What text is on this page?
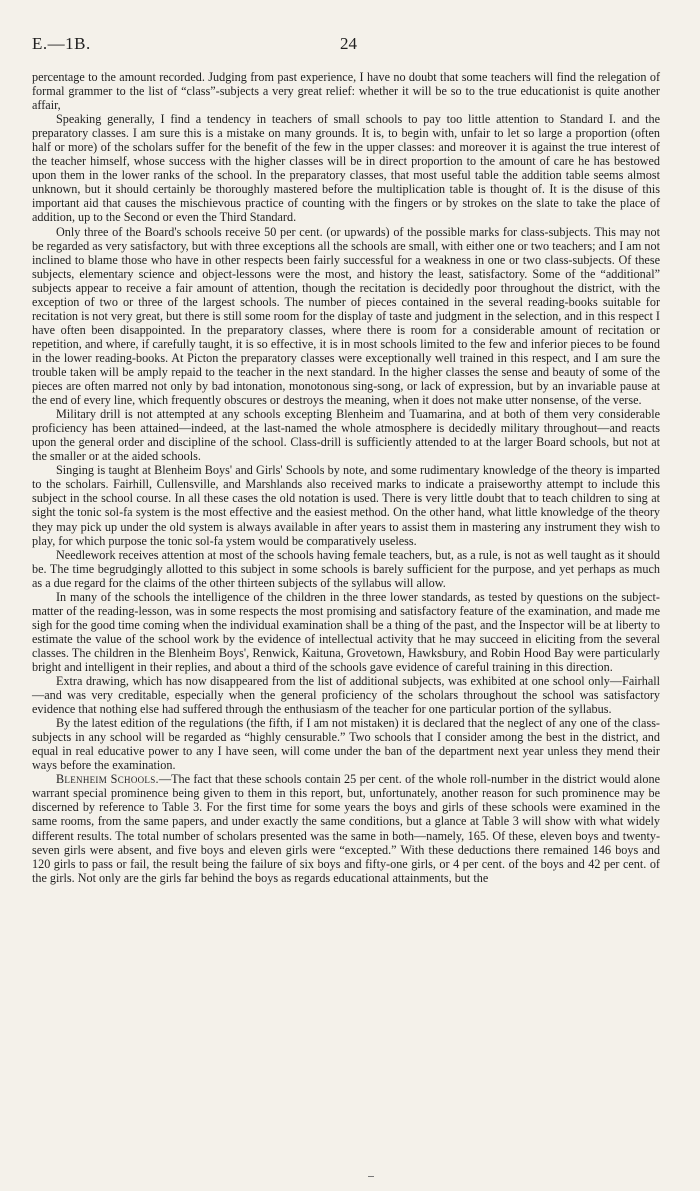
E.—1B.	24

percentage to the amount recorded. Judging from past experience, I have no doubt that some teachers will find the relegation of formal grammer to the list of “class”-subjects a very great relief: whether it will be so to the true educationist is quite another affair,

Speaking generally, I find a tendency in teachers of small schools to pay too little attention to Standard I. and the preparatory classes. I am sure this is a mistake on many grounds. It is, to begin with, unfair to let so large a proportion (often half or more) of the scholars suffer for the benefit of the few in the upper classes: and moreover it is against the true interest of the teacher himself, whose success with the higher classes will be in direct proportion to the amount of care he has bestowed upon them in the lower ranks of the school. In the preparatory classes, that most useful table the addition table seems almost unknown, but it should certainly be thoroughly mastered before the multiplication table is thought of. It is the disuse of this important aid that causes the mischievous practice of counting with the fingers or by strokes on the slate to take the place of addition, up to the Second or even the Third Standard.

Only three of the Board's schools receive 50 per cent. (or upwards) of the possible marks for class-subjects. This may not be regarded as very satisfactory, but with three exceptions all the schools are small, with either one or two teachers; and I am not inclined to blame those who have in other respects been fairly successful for a weakness in one or two class-subjects. Of these subjects, elementary science and object-lessons were the most, and history the least, satisfactory. Some of the “additional” subjects appear to receive a fair amount of attention, though the recitation is decidedly poor throughout the district, with the exception of two or three of the largest schools. The number of pieces contained in the several reading-books suitable for recitation is not very great, but there is still some room for the display of taste and judgment in the selection, and in this respect I have often been disappointed. In the preparatory classes, where there is room for a considerable amount of recitation or repetition, and where, if carefully taught, it is so effective, it is in most schools limited to the few and inferior pieces to be found in the lower reading-books. At Picton the preparatory classes were exceptionally well trained in this respect, and I am sure the trouble taken will be amply repaid to the teacher in the next standard. In the higher classes the sense and beauty of some of the pieces are often marred not only by bad intonation, monotonous sing-song, or lack of expression, but by an invariable pause at the end of every line, which frequently obscures or destroys the meaning, when it does not make utter nonsense, of the verse.

Military drill is not attempted at any schools excepting Blenheim and Tuamarina, and at both of them very considerable proficiency has been attained—indeed, at the last-named the whole atmosphere is decidedly military throughout—and reacts upon the general order and discipline of the school. Class-drill is sufficiently attended to at the larger Board schools, but not at the smaller or at the aided schools.

Singing is taught at Blenheim Boys' and Girls' Schools by note, and some rudimentary knowledge of the theory is imparted to the scholars. Fairhill, Cullensville, and Marshlands also received marks to indicate a praiseworthy attempt to include this subject in the school course. In all these cases the old notation is used. There is very little doubt that to teach children to sing at sight the tonic sol-fa system is the most effective and the easiest method. On the other hand, what little knowledge of the theory they may pick up under the old system is always available in after years to assist them in mastering any instrument they wish to play, for which purpose the tonic sol-fa ystem would be comparatively useless.

Needlework receives attention at most of the schools having female teachers, but, as a rule, is not as well taught as it should be. The time begrudgingly allotted to this subject in some schools is barely sufficient for the purpose, and yet perhaps as much as a due regard for the claims of the other thirteen subjects of the syllabus will allow.

In many of the schools the intelligence of the children in the three lower standards, as tested by questions on the subject-matter of the reading-lesson, was in some respects the most promising and satisfactory feature of the examination, and made me sigh for the good time coming when the individual examination shall be a thing of the past, and the Inspector will be at liberty to estimate the value of the school work by the evidence of intellectual activity that he may succeed in eliciting from the several classes. The children in the Blenheim Boys', Renwick, Kaituna, Grovetown, Hawksbury, and Robin Hood Bay were particularly bright and intelligent in their replies, and about a third of the schools gave evidence of careful training in this direction.

Extra drawing, which has now disappeared from the list of additional subjects, was exhibited at one school only—Fairhall—and was very creditable, especially when the general proficiency of the scholars throughout the school was satisfactory evidence that nothing else had suffered through the enthusiasm of the teacher for one particular portion of the syllabus.

By the latest edition of the regulations (the fifth, if I am not mistaken) it is declared that the neglect of any one of the class-subjects in any school will be regarded as “highly censurable.” Two schools that I consider among the best in the district, and equal in real educative power to any I have seen, will come under the ban of the department next year unless they mend their ways before the examination.

Blenheim Schools.—The fact that these schools contain 25 per cent. of the whole roll-number in the district would alone warrant special prominence being given to them in this report, but, unfortunately, another reason for such prominence may be discerned by reference to Table 3. For the first time for some years the boys and girls of these schools were examined in the same rooms, from the same papers, and under exactly the same conditions, but a glance at Table 3 will show with what widely different results. The total number of scholars presented was the same in both—namely, 165. Of these, eleven boys and twenty-seven girls were absent, and five boys and eleven girls were “excepted.” With these deductions there remained 146 boys and 120 girls to pass or fail, the result being the failure of six boys and fifty-one girls, or 4 per cent. of the boys and 42 per cent. of the girls. Not only are the girls far behind the boys as regards educational attainments, but the
